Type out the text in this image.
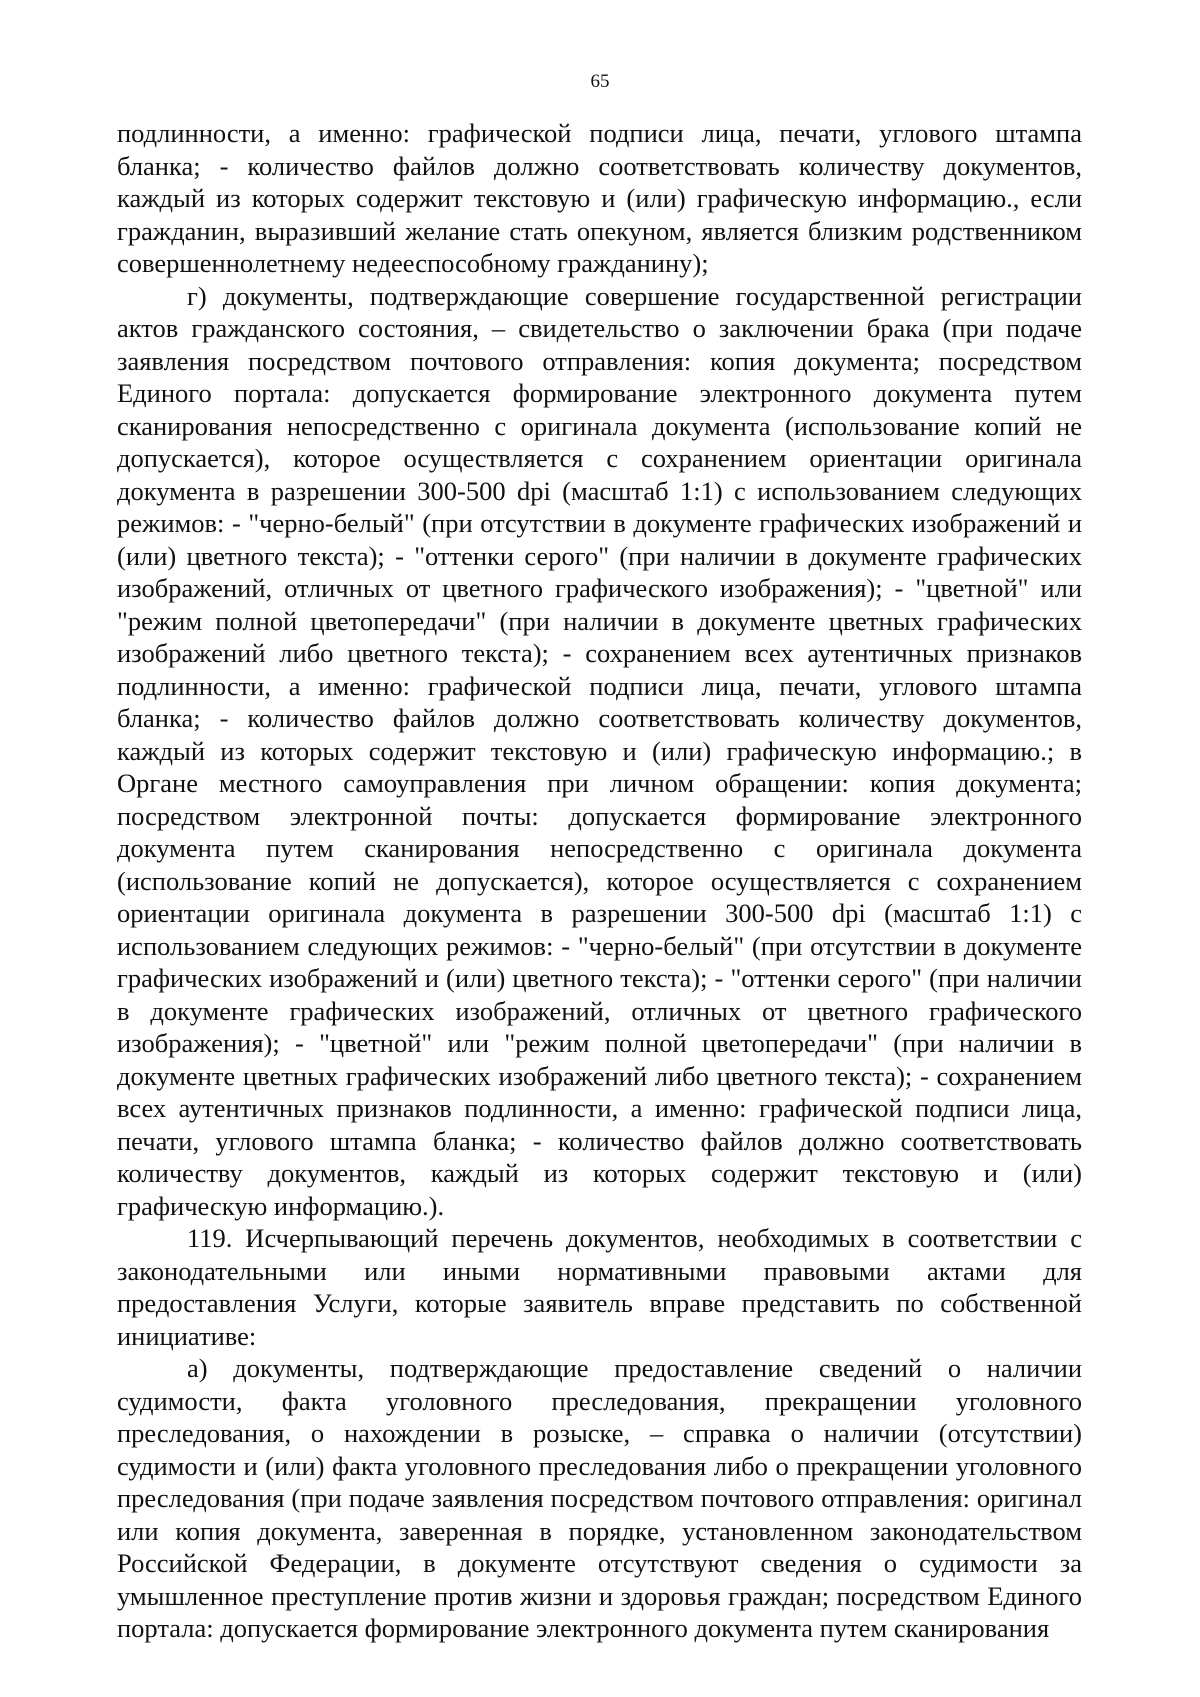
65

подлинности, а именно: графической подписи лица, печати, углового штампа бланка; - количество файлов должно соответствовать количеству документов, каждый из которых содержит текстовую и (или) графическую информацию., если гражданин, выразивший желание стать опекуном, является близким родственником совершеннолетнему недееспособному гражданину);

г) документы, подтверждающие совершение государственной регистрации актов гражданского состояния, – свидетельство о заключении брака (при подаче заявления посредством почтового отправления: копия документа; посредством Единого портала: допускается формирование электронного документа путем сканирования непосредственно с оригинала документа (использование копий не допускается), которое осуществляется с сохранением ориентации оригинала документа в разрешении 300-500 dpi (масштаб 1:1) с использованием следующих режимов: - "черно-белый" (при отсутствии в документе графических изображений и (или) цветного текста); - "оттенки серого" (при наличии в документе графических изображений, отличных от цветного графического изображения); - "цветной" или "режим полной цветопередачи" (при наличии в документе цветных графических изображений либо цветного текста); - сохранением всех аутентичных признаков подлинности, а именно: графической подписи лица, печати, углового штампа бланка; - количество файлов должно соответствовать количеству документов, каждый из которых содержит текстовую и (или) графическую информацию.; в Органе местного самоуправления при личном обращении: копия документа; посредством электронной почты: допускается формирование электронного документа путем сканирования непосредственно с оригинала документа (использование копий не допускается), которое осуществляется с сохранением ориентации оригинала документа в разрешении 300-500 dpi (масштаб 1:1) с использованием следующих режимов: - "черно-белый" (при отсутствии в документе графических изображений и (или) цветного текста); - "оттенки серого" (при наличии в документе графических изображений, отличных от цветного графического изображения); - "цветной" или "режим полной цветопередачи" (при наличии в документе цветных графических изображений либо цветного текста); - сохранением всех аутентичных признаков подлинности, а именно: графической подписи лица, печати, углового штампа бланка; - количество файлов должно соответствовать количеству документов, каждый из которых содержит текстовую и (или) графическую информацию.).

119. Исчерпывающий перечень документов, необходимых в соответствии с законодательными или иными нормативными правовыми актами для предоставления Услуги, которые заявитель вправе представить по собственной инициативе:

а) документы, подтверждающие предоставление сведений о наличии судимости, факта уголовного преследования, прекращении уголовного преследования, о нахождении в розыске, – справка о наличии (отсутствии) судимости и (или) факта уголовного преследования либо о прекращении уголовного преследования (при подаче заявления посредством почтового отправления: оригинал или копия документа, заверенная в порядке, установленном законодательством Российской Федерации, в документе отсутствуют сведения о судимости за умышленное преступление против жизни и здоровья граждан; посредством Единого портала: допускается формирование электронного документа путем сканирования
